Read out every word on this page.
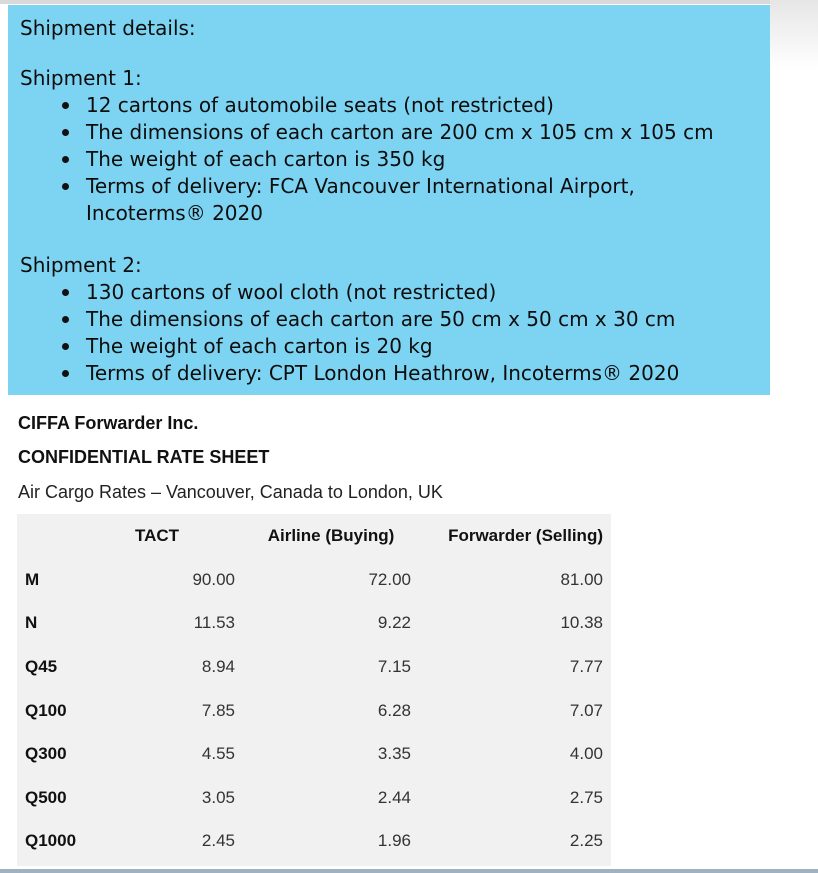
Shipment details:

Shipment 1:

12 cartons of automobile seats (not restricted)
The dimensions of each carton are 200 cm x 105 cm x 105 cm
The weight of each carton is 350 kg
Terms of delivery: FCA Vancouver International Airport, Incoterms® 2020

Shipment 2:

130 cartons of wool cloth (not restricted)
The dimensions of each carton are 50 cm x 50 cm x 30 cm
The weight of each carton is 20 kg
Terms of delivery: CPT London Heathrow, Incoterms® 2020
CIFFA Forwarder Inc.
CONFIDENTIAL RATE SHEET
Air Cargo Rates – Vancouver, Canada to London, UK
	TACT	Airline (Buying)	Forwarder (Selling)
M	90.00	72.00	81.00
N	11.53	9.22	10.38
Q45	8.94	7.15	7.77
Q100	7.85	6.28	7.07
Q300	4.55	3.35	4.00
Q500	3.05	2.44	2.75
Q1000	2.45	1.96	2.25
